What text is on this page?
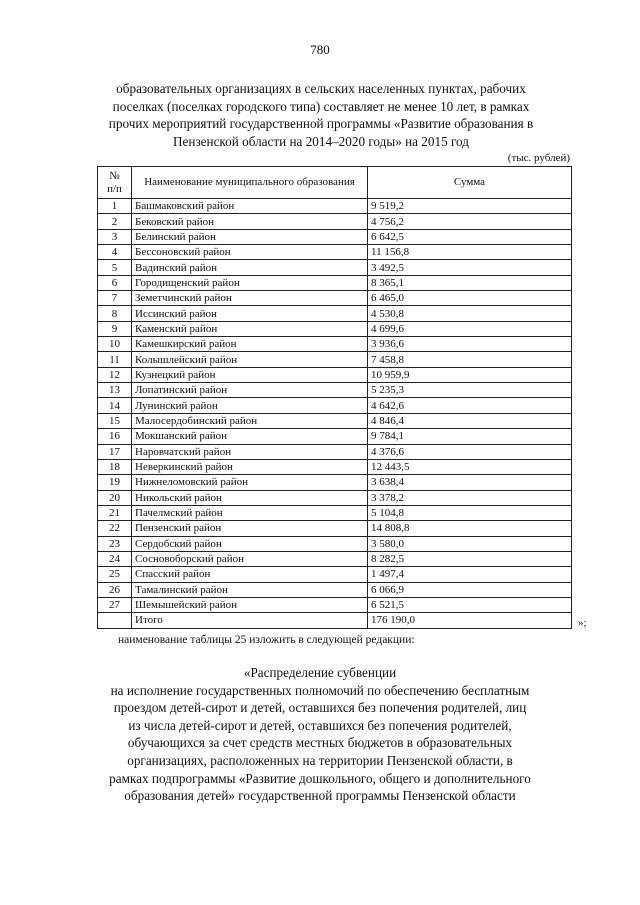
780
образовательных организациях в сельских населенных пунктах, рабочих
поселках (поселках городского типа) составляет не менее 10 лет, в рамках
прочих мероприятий государственной программы «Развитие образования в
Пензенской области на 2014–2020 годы» на 2015 год
(тыс. рублей)
№
п/п	Наименование муниципального образования	Сумма
1	Башмаковский район	9 519,2
2	Бековский район	4 756,2
3	Белинский район	6 642,5
4	Бессоновский район	11 156,8
5	Вадинский район	3 492,5
6	Городищенский район	8 365,1
7	Земетчинский район	6 465,0
8	Иссинский район	4 530,8
9	Каменский район	4 699,6
10	Камешкирский район	3 936,6
11	Колышлейский район	7 458,8
12	Кузнецкий район	10 959,9
13	Лопатинский район	5 235,3
14	Лунинский район	4 642,6
15	Малосердобинский район	4 846,4
16	Мокшанский район	9 784,1
17	Наровчатский район	4 376,6
18	Неверкинский район	12 443,5
19	Нижнеломовский район	3 638,4
20	Никольский район	3 378,2
21	Пачелмский район	5 104,8
22	Пензенский район	14 808,8
23	Сердобский район	3 580,0
24	Сосновоборский район	8 282,5
25	Спасский район	1 497,4
26	Тамалинский район	6 066,9
27	Шемышейский район	6 521,5
	Итого	176 190,0	»;
наименование таблицы 25 изложить в следующей редакции:
«Распределение субвенции
на исполнение государственных полномочий по обеспечению бесплатным
проездом детей-сирот и детей, оставшихся без попечения родителей, лиц
из числа детей-сирот и детей, оставшихся без попечения родителей,
обучающихся за счет средств местных бюджетов в образовательных
организациях, расположенных на территории Пензенской области, в
рамках подпрограммы «Развитие дошкольного, общего и дополнительного
образования детей» государственной программы Пензенской области
